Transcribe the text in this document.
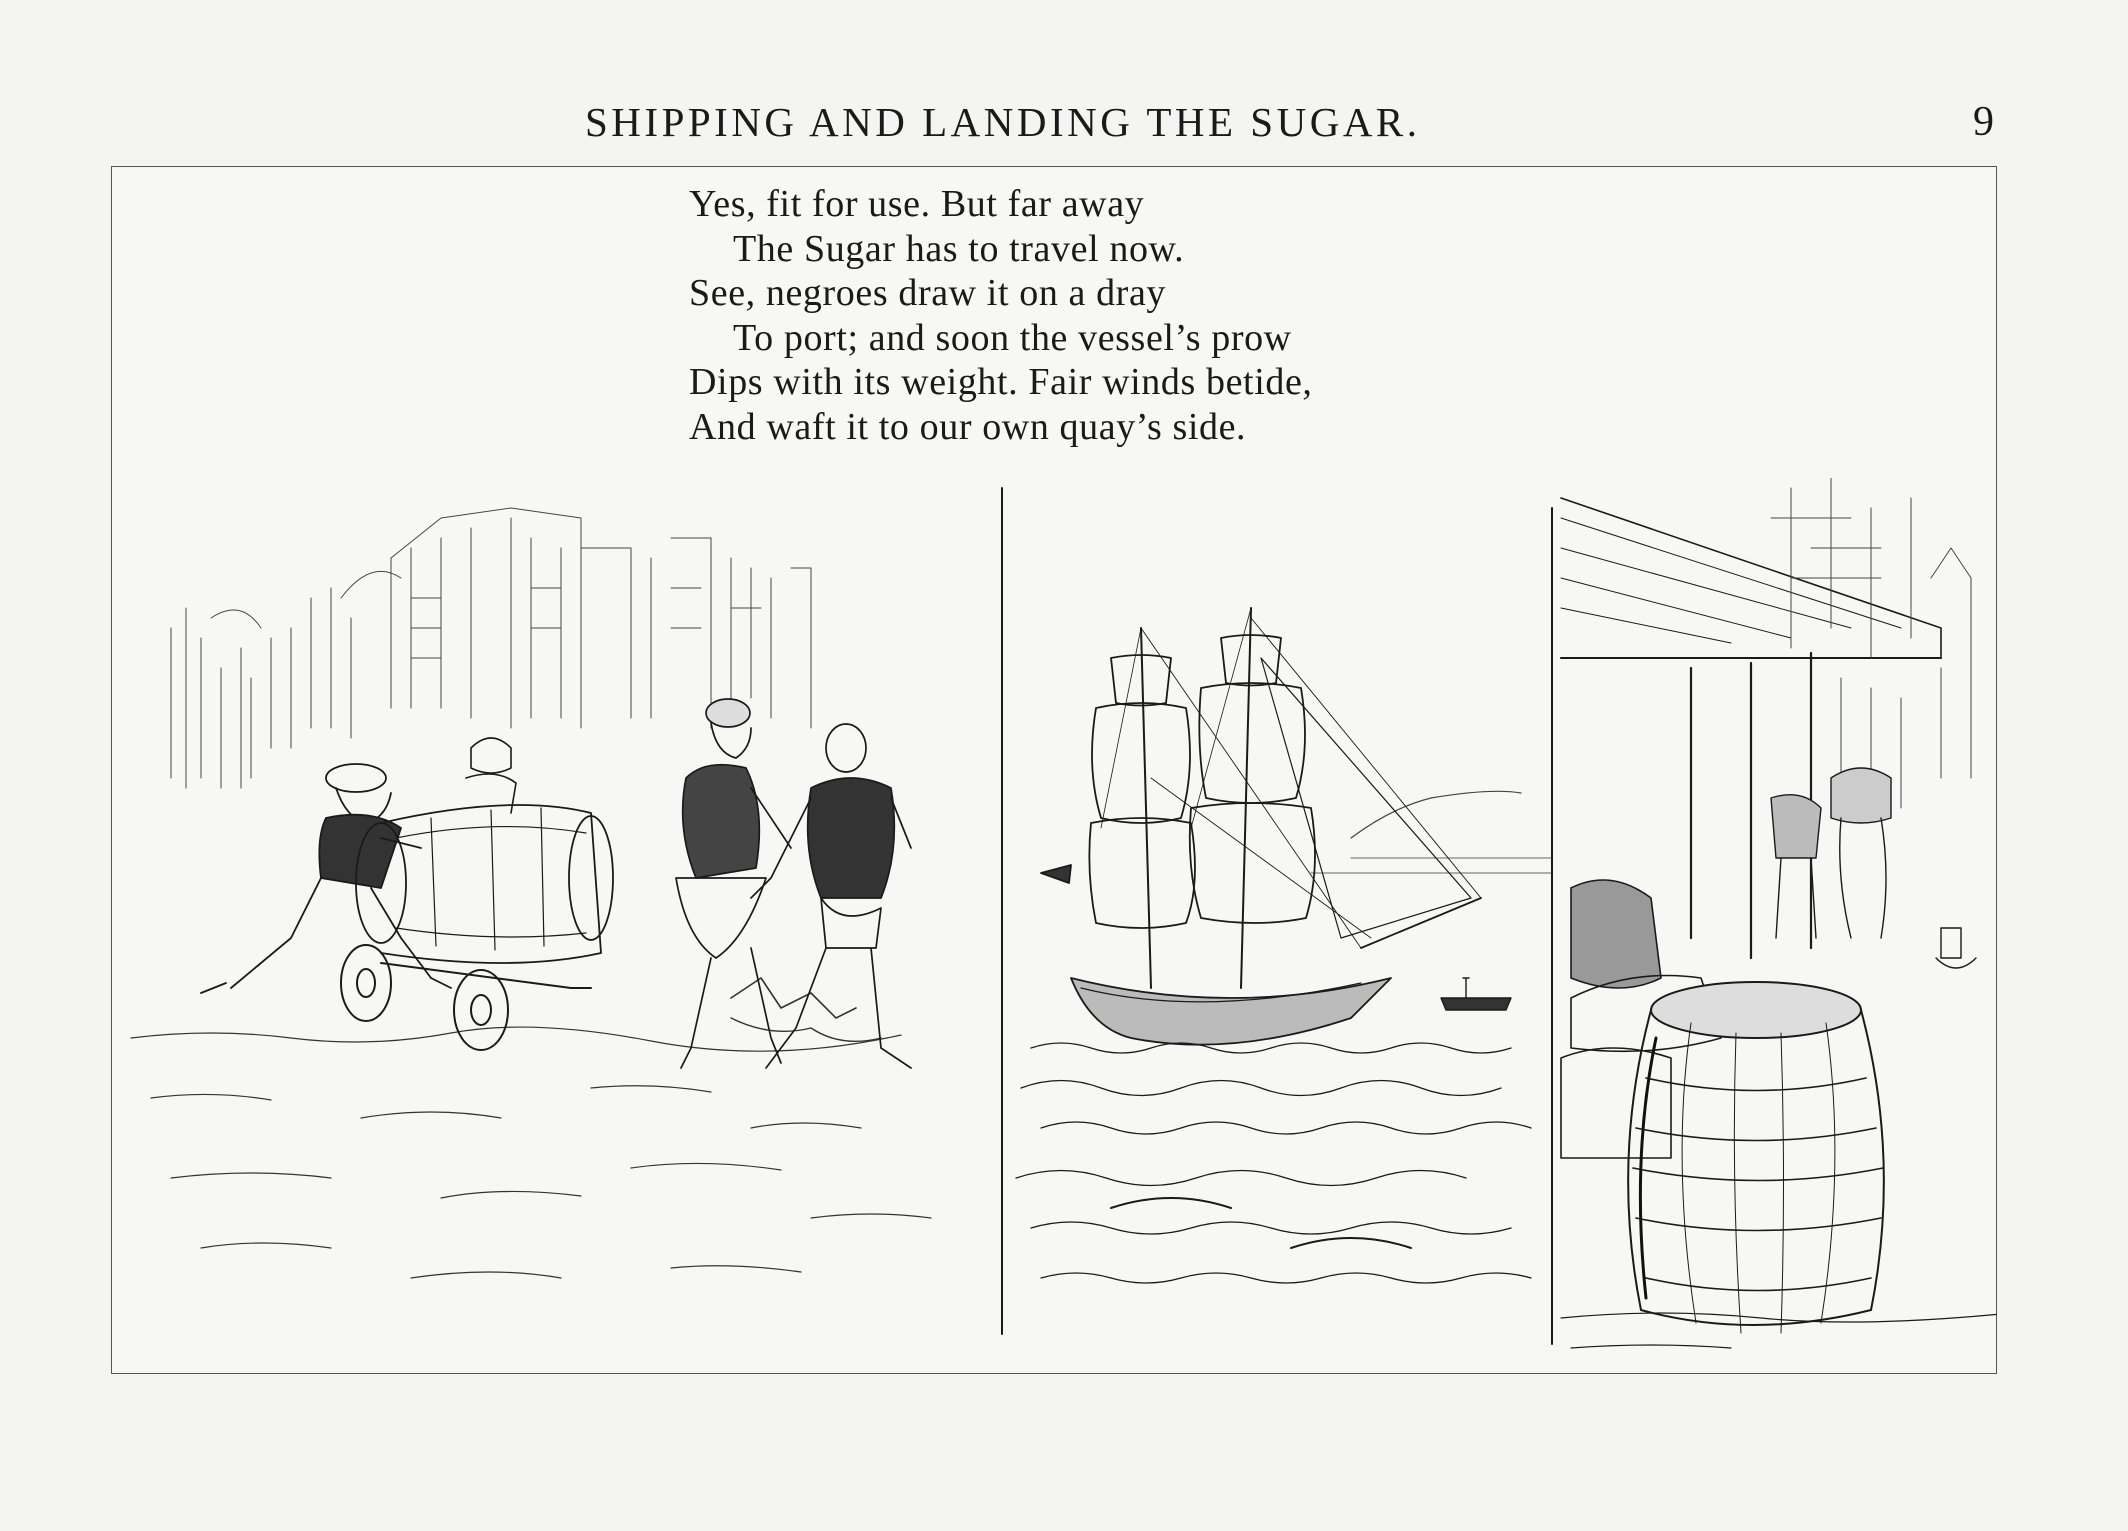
SHIPPING AND LANDING THE SUGAR.	9
Yes, fit for use. But far away
The Sugar has to travel now.
See, negroes draw it on a dray
To port; and soon the vessel’s prow
Dips with its weight. Fair winds betide,
And waft it to our own quay’s side.
